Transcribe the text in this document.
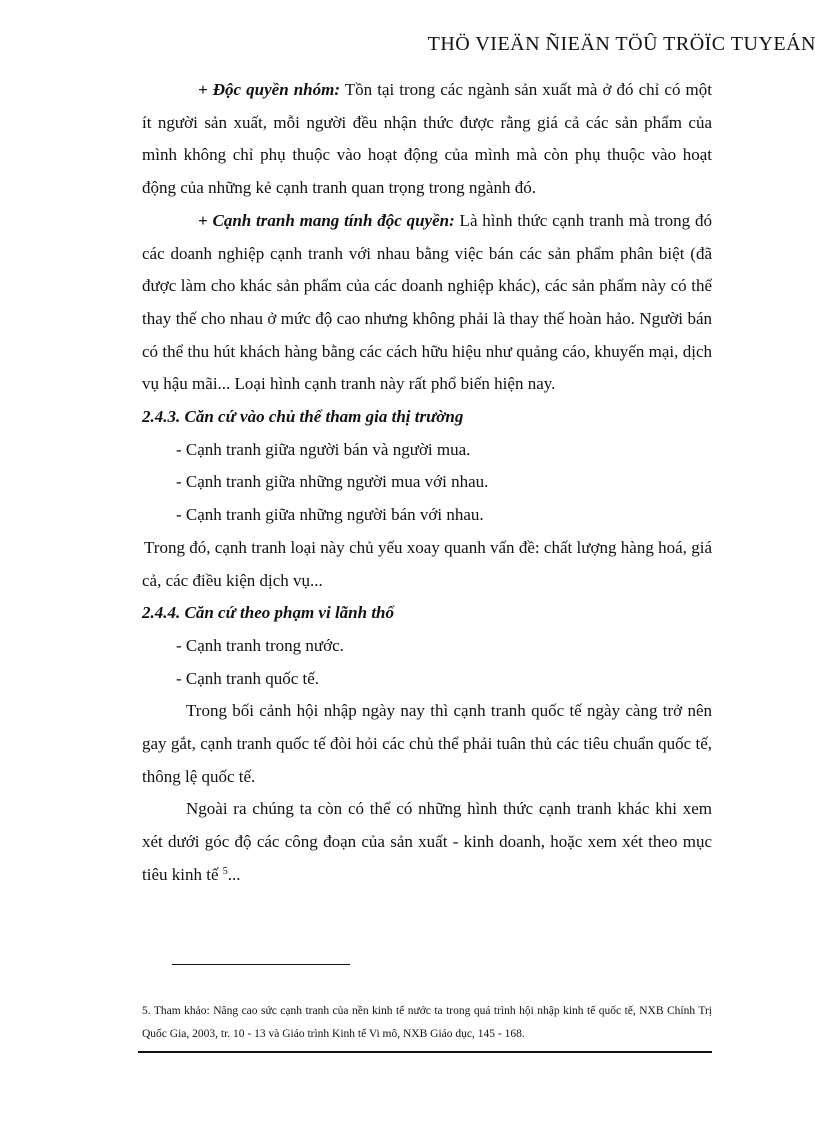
THÖ VIEÄN ÑIEÄN TÖÛ TRÖÏC TUYEÁN

+ Độc quyền nhóm: Tồn tại trong các ngành sản xuất mà ở đó chỉ có một ít người sản xuất, mỗi người đều nhận thức được rằng giá cả các sản phẩm của mình không chỉ phụ thuộc vào hoạt động của mình mà còn phụ thuộc vào hoạt động của những kẻ cạnh tranh quan trọng trong ngành đó.

+ Cạnh tranh mang tính độc quyền: Là hình thức cạnh tranh mà trong đó các doanh nghiệp cạnh tranh với nhau bằng việc bán các sản phẩm phân biệt (đã được làm cho khác sản phẩm của các doanh nghiệp khác), các sản phẩm này có thể thay thế cho nhau ở mức độ cao nhưng không phải là thay thế hoàn hảo. Người bán có thể thu hút khách hàng bằng các cách hữu hiệu như quảng cáo, khuyến mại, dịch vụ hậu mãi... Loại hình cạnh tranh này rất phổ biến hiện nay.

2.4.3. Căn cứ vào chủ thể tham gia thị trường

- Cạnh tranh giữa người bán và người mua.

- Cạnh tranh giữa những người mua với nhau.

- Cạnh tranh giữa những người bán với nhau.

Trong đó, cạnh tranh loại này chủ yếu xoay quanh vấn đề: chất lượng hàng hoá, giá cả, các điều kiện dịch vụ...

2.4.4. Căn cứ theo phạm vi lãnh thổ

- Cạnh tranh trong nước.

- Cạnh tranh quốc tế.

Trong bối cảnh hội nhập ngày nay thì cạnh tranh quốc tế ngày càng trở nên gay gắt, cạnh tranh quốc tế đòi hỏi các chủ thể phải tuân thủ các tiêu chuẩn quốc tế, thông lệ quốc tế.

Ngoài ra chúng ta còn có thể có những hình thức cạnh tranh khác khi xem xét dưới góc độ các công đoạn của sản xuất - kinh doanh, hoặc xem xét theo mục tiêu kinh tế $^5$...

5. Tham khảo: Nâng cao sức cạnh tranh của nền kinh tế nước ta trong quá trình hội nhập kinh tế quốc tế, NXB Chính Trị Quốc Gia, 2003, tr. 10 - 13 và Giáo trình Kinh tế Vi mô, NXB Giáo dục, 145 - 168.
